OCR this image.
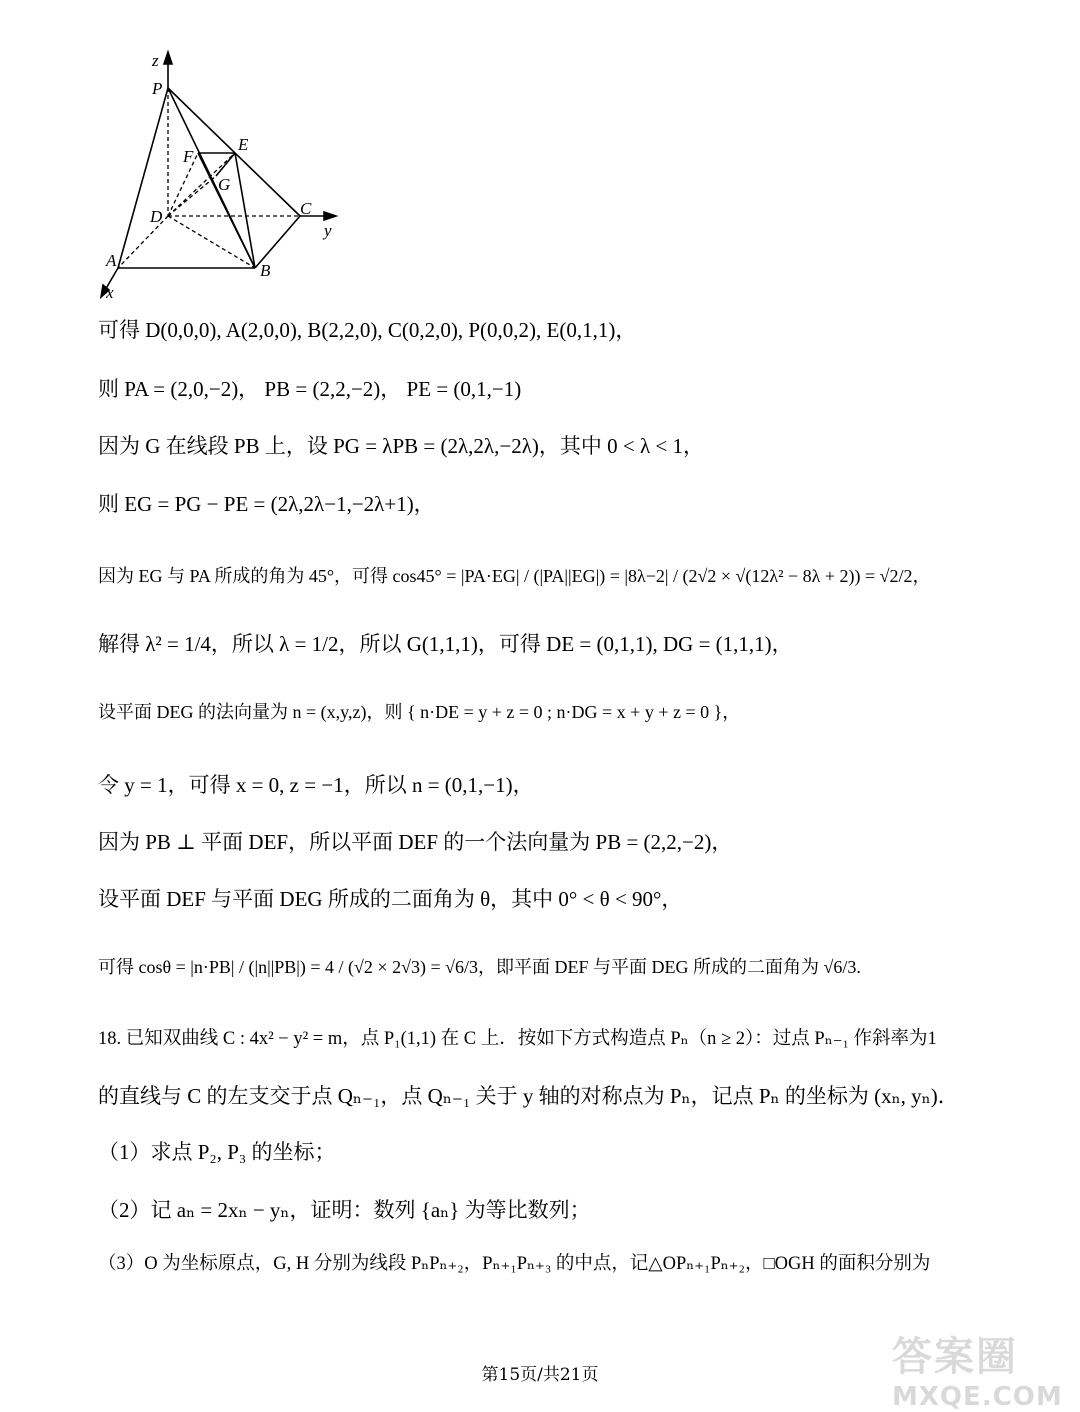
z
P
E
F
G
D	C
y
A
B
x
可得 D(0,0,0), A(2,0,0), B(2,2,0), C(0,2,0), P(0,0,2), E(0,1,1)，
则 PA = (2,0,−2)， PB = (2,2,−2)， PE = (0,1,−1)
因为 G 在线段 PB 上，设 PG = λPB = (2λ,2λ,−2λ)，其中 0 < λ < 1，
则 EG = PG − PE = (2λ,2λ−1,−2λ+1)，
因为 EG 与 PA 所成的角为 45°，可得 cos45° = |PA·EG| / (|PA||EG|) = |8λ−2| / (2√2 × √(12λ² − 8λ + 2)) = √2/2，
解得 λ² = 1/4，所以 λ = 1/2，所以 G(1,1,1)，可得 DE = (0,1,1), DG = (1,1,1)，
设平面 DEG 的法向量为 n = (x,y,z)，则 { n·DE = y + z = 0 ; n·DG = x + y + z = 0 }，
令 y = 1，可得 x = 0, z = −1，所以 n = (0,1,−1)，
因为 PB ⊥ 平面 DEF，所以平面 DEF 的一个法向量为 PB = (2,2,−2)，
设平面 DEF 与平面 DEG 所成的二面角为 θ，其中 0° < θ < 90°，
可得 cosθ = |n·PB| / (|n||PB|) = 4 / (√2 × 2√3) = √6/3，即平面 DEF 与平面 DEG 所成的二面角为 √6/3.
18. 已知双曲线 C : 4x² − y² = m，点 P₁(1,1) 在 C 上．按如下方式构造点 Pₙ（n ≥ 2）：过点 Pₙ₋₁ 作斜率为1
的直线与 C 的左支交于点 Qₙ₋₁，点 Qₙ₋₁ 关于 y 轴的对称点为 Pₙ，记点 Pₙ 的坐标为 (xₙ, yₙ)．
（1）求点 P₂, P₃ 的坐标；
（2）记 aₙ = 2xₙ − yₙ，证明：数列 {aₙ} 为等比数列；
（3）O 为坐标原点，G, H 分别为线段 PₙPₙ₊₂，Pₙ₊₁Pₙ₊₃ 的中点，记△OPₙ₊₁Pₙ₊₂，□OGH 的面积分别为
第15页/共21页	答案圈
MXQE.COM
